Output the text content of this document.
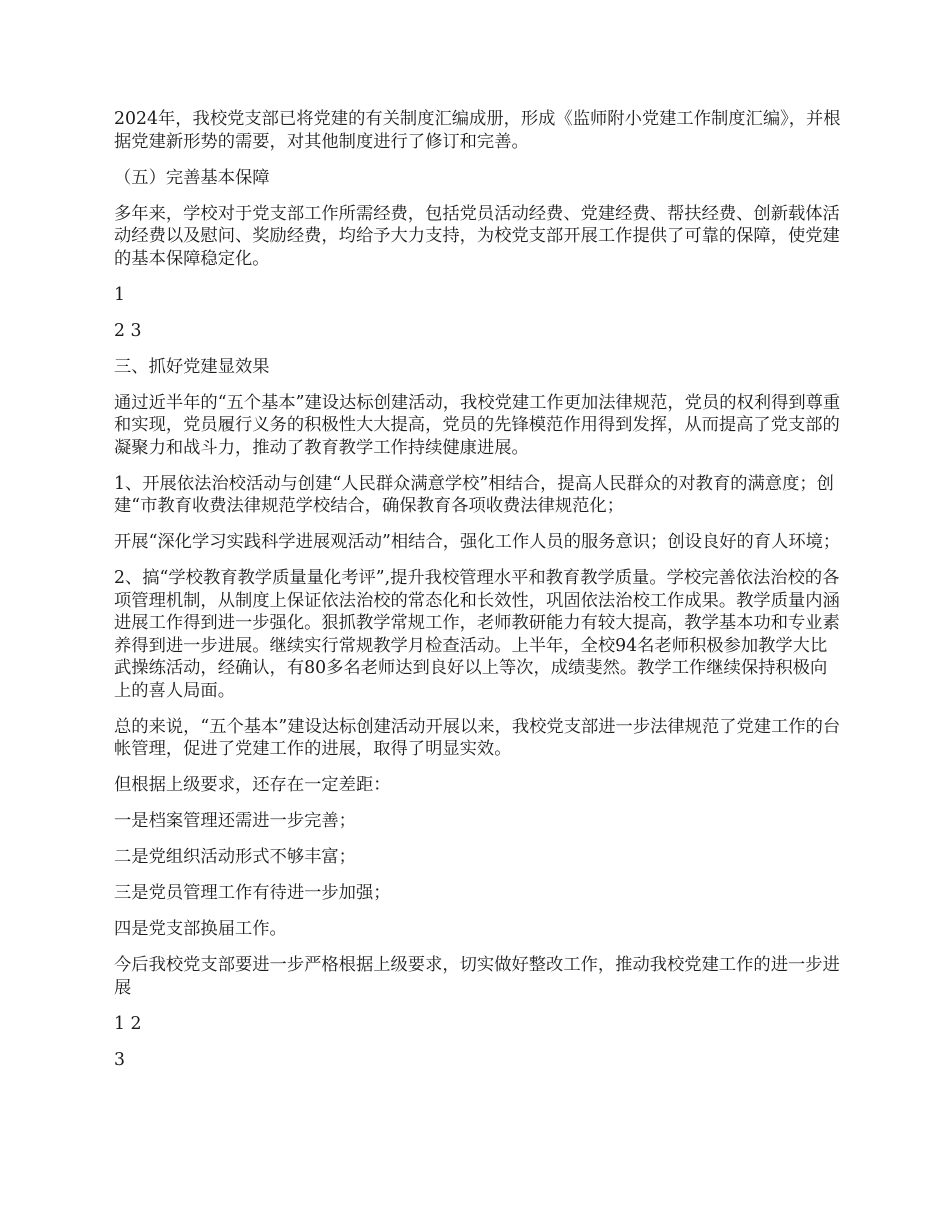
2024年，我校党支部已将党建的有关制度汇编成册，形成《监师附小党建工作制度汇编》，并根据党建新形势的需要，对其他制度进行了修订和完善。

（五）完善基本保障

多年来，学校对于党支部工作所需经费，包括党员活动经费、党建经费、帮扶经费、创新载体活动经费以及慰问、奖励经费，均给予大力支持，为校党支部开展工作提供了可靠的保障，使党建的基本保障稳定化。

1

2 3

三、抓好党建显效果

通过近半年的“五个基本”建设达标创建活动，我校党建工作更加法律规范，党员的权利得到尊重和实现，党员履行义务的积极性大大提高，党员的先锋模范作用得到发挥，从而提高了党支部的凝聚力和战斗力，推动了教育教学工作持续健康进展。

1、开展依法治校活动与创建“人民群众满意学校”相结合，提高人民群众的对教育的满意度；创建“市教育收费法律规范学校结合，确保教育各项收费法律规范化；

开展“深化学习实践科学进展观活动”相结合，强化工作人员的服务意识；创设良好的育人环境；

2、搞“学校教育教学质量量化考评”,提升我校管理水平和教育教学质量。学校完善依法治校的各项管理机制，从制度上保证依法治校的常态化和长效性，巩固依法治校工作成果。教学质量内涵进展工作得到进一步强化。狠抓教学常规工作，老师教研能力有较大提高，教学基本功和专业素养得到进一步进展。继续实行常规教学月检查活动。上半年，全校94名老师积极参加教学大比武操练活动，经确认，有80多名老师达到良好以上等次，成绩斐然。教学工作继续保持积极向上的喜人局面。

总的来说，“五个基本”建设达标创建活动开展以来，我校党支部进一步法律规范了党建工作的台帐管理，促进了党建工作的进展，取得了明显实效。

但根据上级要求，还存在一定差距：

一是档案管理还需进一步完善；

二是党组织活动形式不够丰富；

三是党员管理工作有待进一步加强；

四是党支部换届工作。

今后我校党支部要进一步严格根据上级要求，切实做好整改工作，推动我校党建工作的进一步进展

1 2

3
